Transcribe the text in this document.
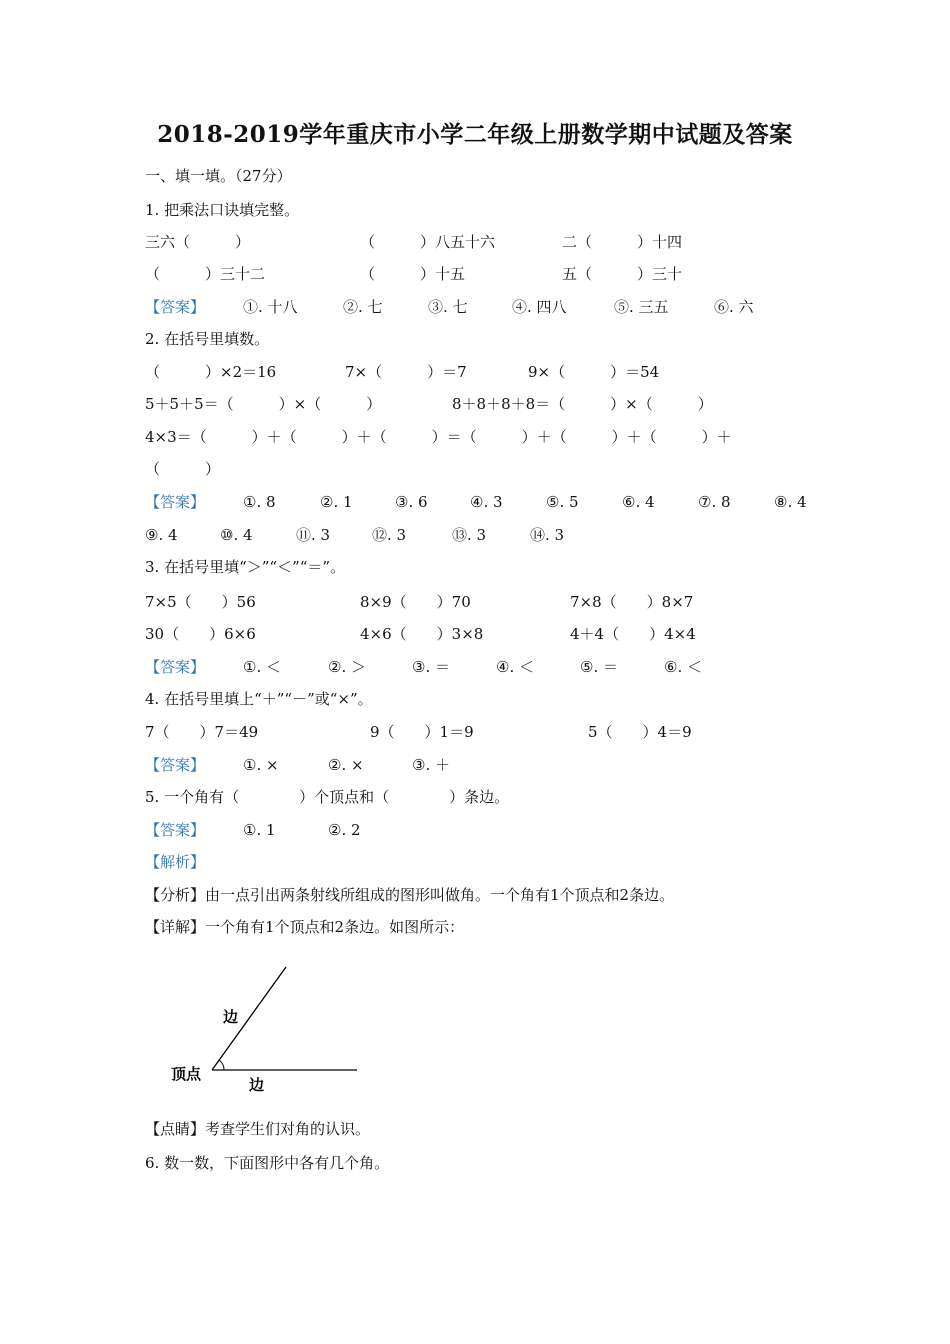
2018-2019学年重庆市小学二年级上册数学期中试题及答案
一、填一填。（27分）
1. 把乘法口诀填完整。
三六（　　　）	（　　　）八五十六	二（　　　）十四
（　　　）三十二	（　　　）十五	五（　　　）三十
【答案】	①. 十八	②. 七	③. 七	④. 四八	⑤. 三五	⑥. 六
2. 在括号里填数。
（　　　）×2＝16	7×（　　　）＝7	9×（　　　）＝54
5＋5＋5＝（　　　）×（　　　）	8＋8＋8＋8＝（　　　）×（　　　）
4×3＝（　　　）＋（　　　）＋（　　　）＝（　　　）＋（　　　）＋（　　　）＋
（　　　）
【答案】	①. 8	②. 1	③. 6	④. 3	⑤. 5	⑥. 4	⑦. 8	⑧. 4
⑨. 4	⑩. 4	⑪. 3	⑫. 3	⑬. 3	⑭. 3
3. 在括号里填“＞”“＜”“＝”。
7×5（　　）56	8×9（　　）70	7×8（　　）8×7
30（　　）6×6	4×6（　　）3×8	4＋4（　　）4×4
【答案】	①. ＜	②. ＞	③. ＝	④. ＜	⑤. ＝	⑥. ＜
4. 在括号里填上“＋”“－”或“×”。
7（　　）7＝49	9（　　）1＝9	5（　　）4＝9
【答案】	①. ×	②. ×	③. ＋
5. 一个角有（　　　　）个顶点和（　　　　）条边。
【答案】	①. 1	②. 2
【解析】
【分析】由一点引出两条射线所组成的图形叫做角。一个角有1个顶点和2条边。
【详解】一个角有1个顶点和2条边。如图所示：
边
顶点
边
【点睛】考查学生们对角的认识。
6. 数一数，下面图形中各有几个角。
